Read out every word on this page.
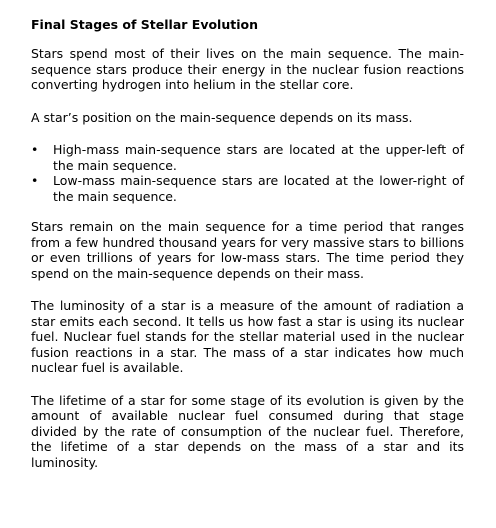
Final Stages of Stellar Evolution

Stars spend most of their lives on the main sequence. The main-sequence stars produce their energy in the nuclear fusion reactions converting hydrogen into helium in the stellar core.

A star’s position on the main-sequence depends on its mass.

• High-mass main-sequence stars are located at the upper-left of the main sequence.
• Low-mass main-sequence stars are located at the lower-right of the main sequence.

Stars remain on the main sequence for a time period that ranges from a few hundred thousand years for very massive stars to billions or even trillions of years for low-mass stars. The time period they spend on the main-sequence depends on their mass.

The luminosity of a star is a measure of the amount of radiation a star emits each second. It tells us how fast a star is using its nuclear fuel. Nuclear fuel stands for the stellar material used in the nuclear fusion reactions in a star. The mass of a star indicates how much nuclear fuel is available.

The lifetime of a star for some stage of its evolution is given by the amount of available nuclear fuel consumed during that stage divided by the rate of consumption of the nuclear fuel. Therefore, the lifetime of a star depends on the mass of a star and its luminosity.
